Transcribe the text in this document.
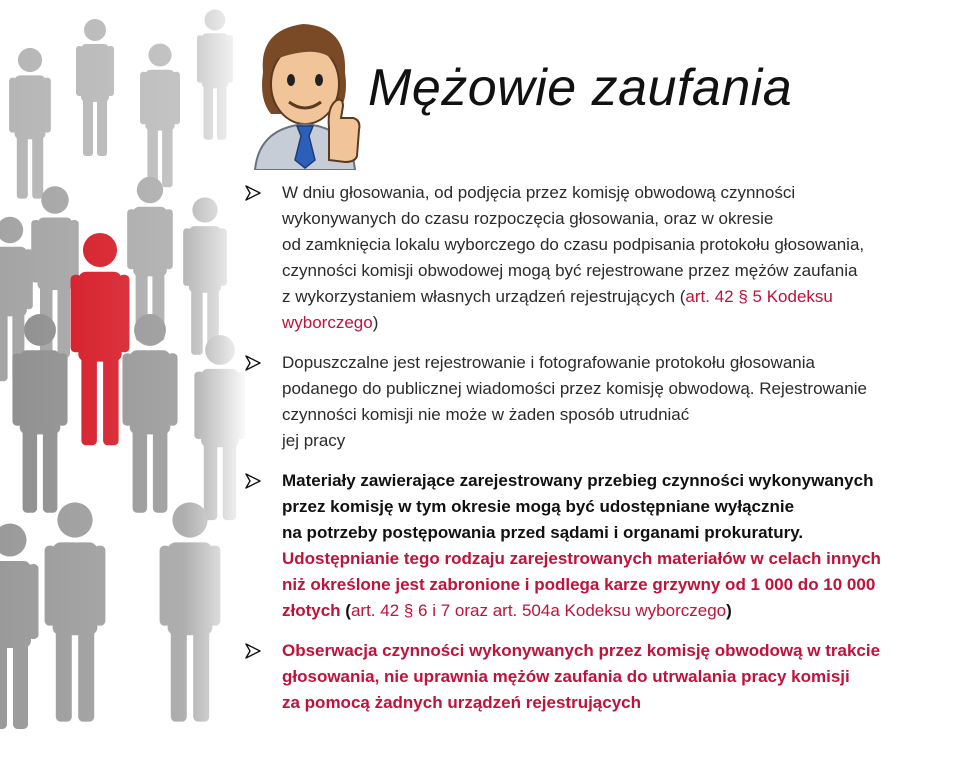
Mężowie zaufania
W dniu głosowania, od podjęcia przez komisję obwodową czynności
wykonywanych do czasu rozpoczęcia głosowania, oraz w okresie
od zamknięcia lokalu wyborczego do czasu podpisania protokołu głosowania,
czynności komisji obwodowej mogą być rejestrowane przez mężów zaufania
z wykorzystaniem własnych urządzeń rejestrujących (art. 42 § 5 Kodeksu
wyborczego)
Dopuszczalne jest rejestrowanie i fotografowanie protokołu głosowania
podanego do publicznej wiadomości przez komisję obwodową. Rejestrowanie
czynności komisji nie może w żaden sposób utrudniać
jej pracy
Materiały zawierające zarejestrowany przebieg czynności wykonywanych
przez komisję w tym okresie mogą być udostępniane wyłącznie
na potrzeby postępowania przed sądami i organami prokuratury.
Udostępnianie tego rodzaju zarejestrowanych materiałów w celach innych
niż określone jest zabronione i podlega karze grzywny od 1 000 do 10 000
złotych (art. 42 § 6 i 7 oraz art. 504a Kodeksu wyborczego)
Obserwacja czynności wykonywanych przez komisję obwodową w trakcie
głosowania, nie uprawnia mężów zaufania do utrwalania pracy komisji
za pomocą żadnych urządzeń rejestrujących
